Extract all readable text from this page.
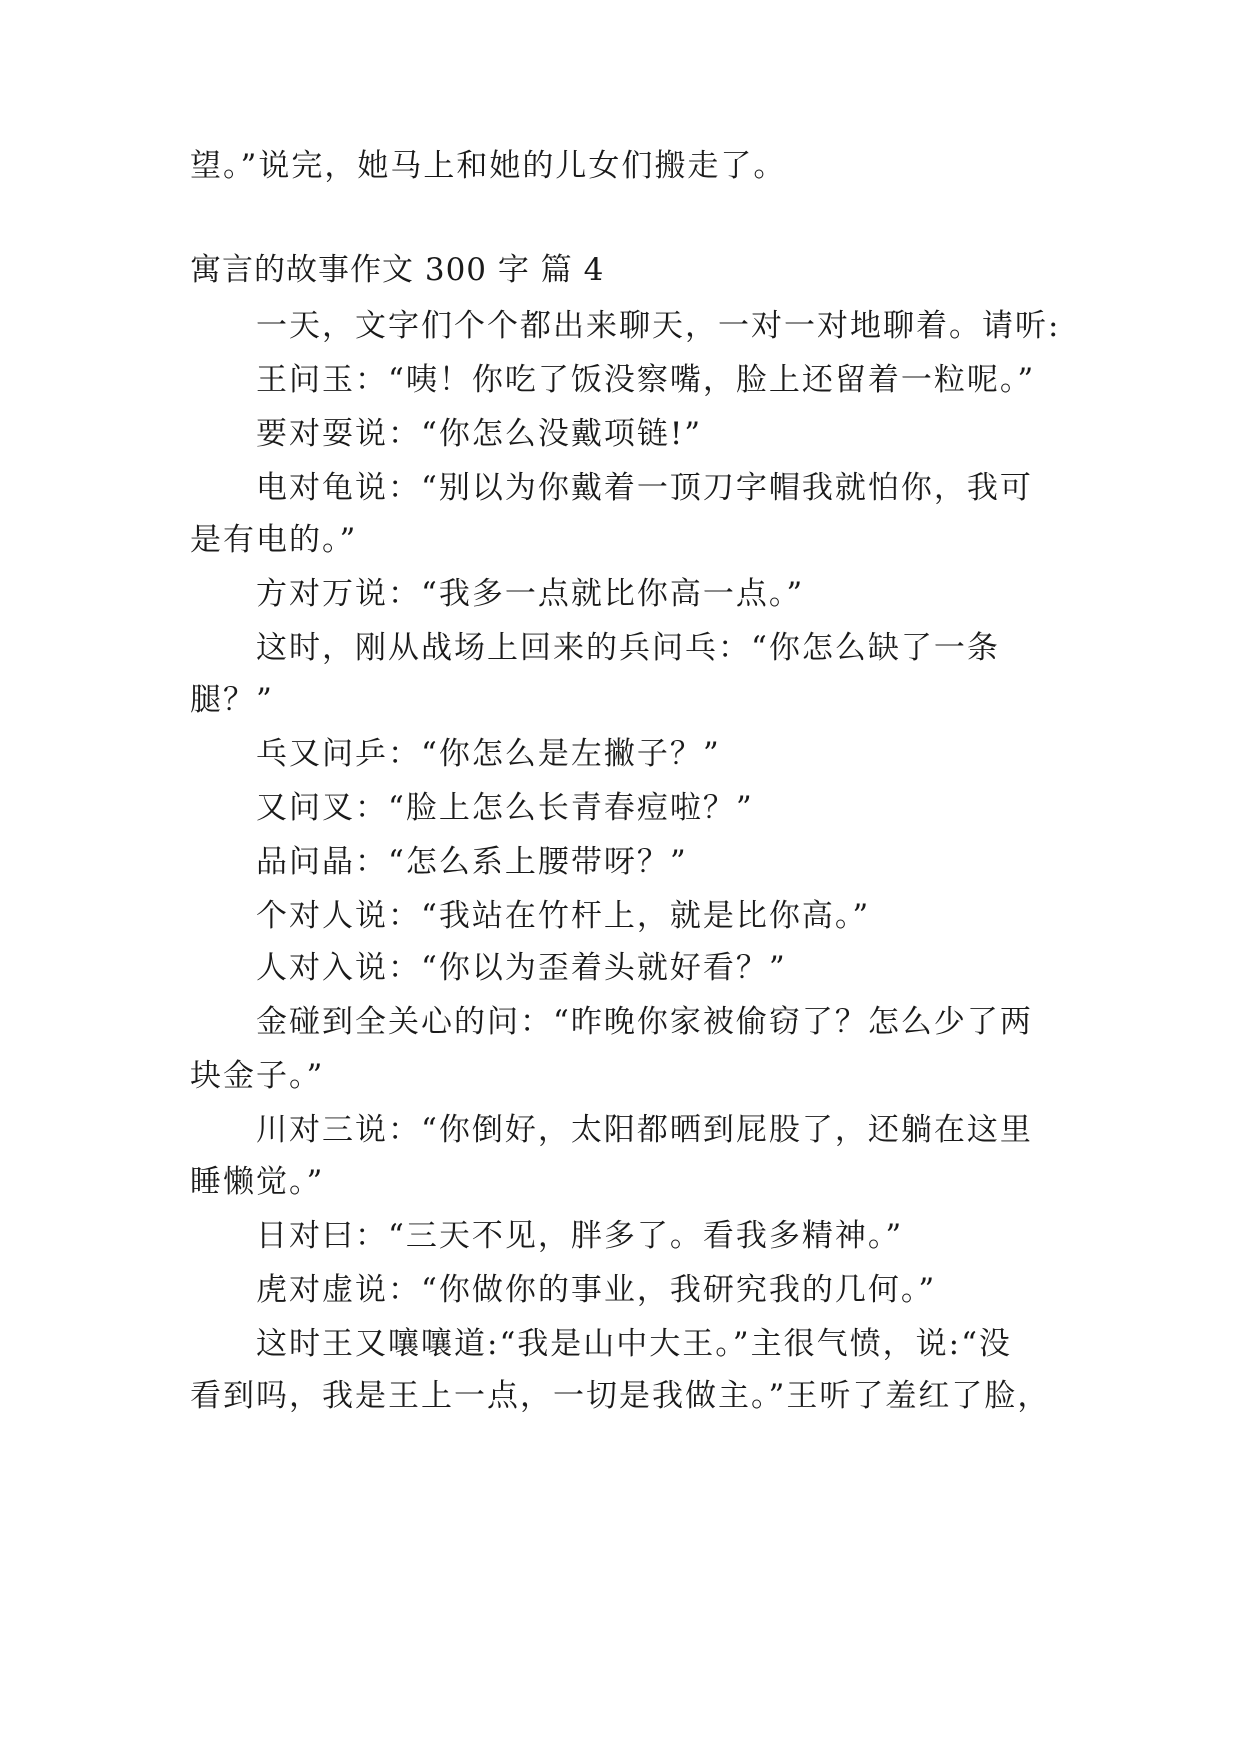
望。”说完，她马上和她的儿女们搬走了。
寓言的故事作文 300 字 篇 4
一天，文字们个个都出来聊天，一对一对地聊着。请听:
王问玉：“咦！你吃了饭没察嘴，脸上还留着一粒呢。”
要对耍说：“你怎么没戴项链!”
电对龟说：“别以为你戴着一顶刀字帽我就怕你，我可
是有电的。”
方对万说：“我多一点就比你高一点。”
这时，刚从战场上回来的兵问乓：“你怎么缺了一条
腿？”
乓又问乒：“你怎么是左撇子？”
又问叉：“脸上怎么长青春痘啦？”
品问晶：“怎么系上腰带呀？”
个对人说：“我站在竹杆上，就是比你高。”
人对入说：“你以为歪着头就好看？”
金碰到全关心的问：“昨晚你家被偷窃了？怎么少了两
块金子。”
川对三说：“你倒好，太阳都晒到屁股了，还躺在这里
睡懒觉。”
日对曰：“三天不见，胖多了。看我多精神。”
虎对虚说：“你做你的事业，我研究我的几何。”
这时王又嚷嚷道:“我是山中大王。”主很气愤，说:“没
看到吗，我是王上一点，一切是我做主。”王听了羞红了脸，
